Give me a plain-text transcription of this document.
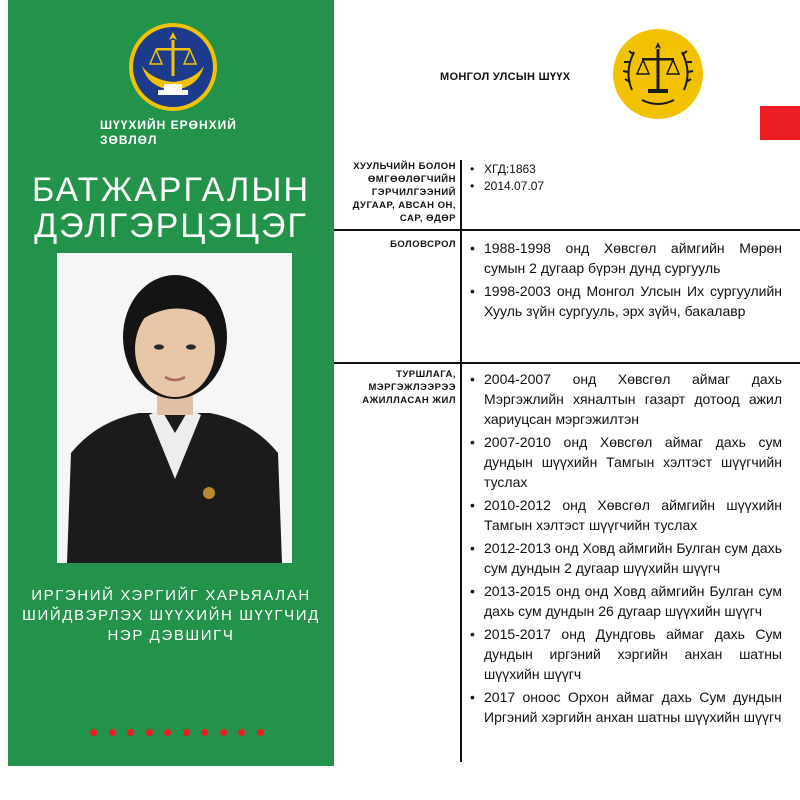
ШҮҮХИЙН ЕРӨНХИЙ
ЗӨВЛӨЛ
БАТЖАРГАЛЫН
ДЭЛГЭРЦЭЦЭГ
ИРГЭНИЙ ХЭРГИЙГ ХАРЬЯАЛАН
ШИЙДВЭРЛЭХ ШҮҮХИЙН ШҮҮГЧИД
НЭР ДЭВШИГЧ
МОНГОЛ УЛСЫН ШҮҮХ
ХУУЛЬЧИЙН БОЛОН
ӨМГӨӨЛӨГЧИЙН
ГЭРЧИЛГЭЭНИЙ
ДУГААР, АВСАН ОН,
САР, ӨДӨР
• ХГД:1863
• 2014.07.07
БОЛОВСРОЛ
•	1988-1998 онд Хөвсгөл аймгийн Мөрөн сумын 2 дугаар бүрэн дунд сургууль
• 1998-2003 онд Монгол Улсын Их сургуулийн Хууль зүйн сургууль, эрх зүйч, бакалавр
ТУРШЛАГА,
МЭРГЭЖЛЭЭРЭЭ
АЖИЛЛАСАН ЖИЛ
• 2004-2007 онд Хөвсгөл аймаг дахь Мэргэжлийн хяналтын газарт дотоод ажил хариуцсан мэргэжилтэн
• 2007-2010 онд Хөвсгөл аймаг дахь сум дундын шүүхийн Тамгын хэлтэст шүүгчийн туслах
• 2010-2012 онд Хөвсгөл аймгийн шүүхийн Тамгын хэлтэст шүүгчийн туслах
• 2012-2013 онд Ховд аймгийн Булган сум дахь сум дундын 2 дугаар шүүхийн шүүгч
• 2013-2015 онд онд Ховд аймгийн Булган сум дахь сум дундын 26 дугаар шүүхийн шүүгч
• 2015-2017 онд Дундговь аймаг дахь Сум дундын иргэний хэргийн анхан шатны шүүхийн шүүгч
• 2017 оноос Орхон аймаг дахь Сум дундын Иргэний хэргийн анхан шатны шүүхийн шүүгч
